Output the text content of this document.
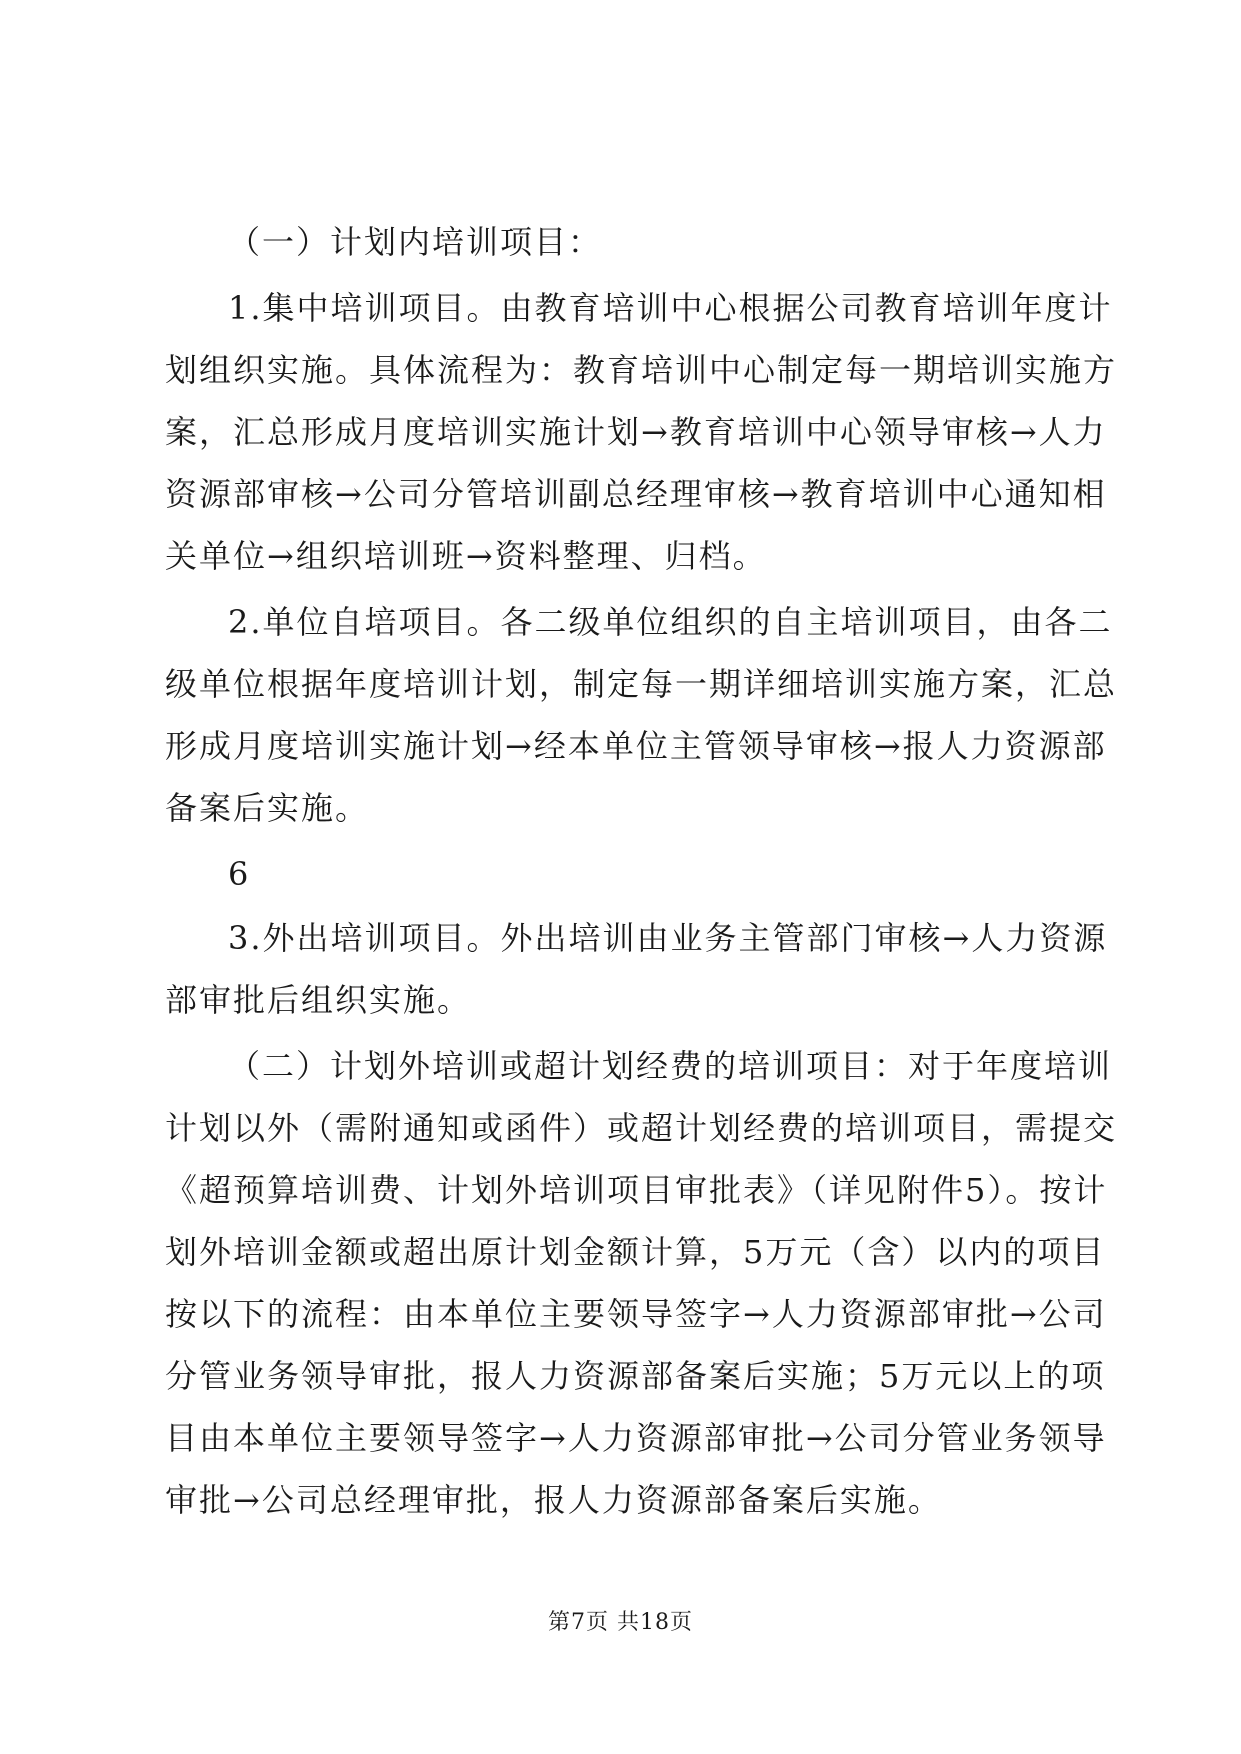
（一）计划内培训项目：
1.集中培训项目。由教育培训中心根据公司教育培训年度计
划组织实施。具体流程为：教育培训中心制定每一期培训实施方
案，汇总形成月度培训实施计划→教育培训中心领导审核→人力
资源部审核→公司分管培训副总经理审核→教育培训中心通知相
关单位→组织培训班→资料整理、归档。
2.单位自培项目。各二级单位组织的自主培训项目，由各二
级单位根据年度培训计划，制定每一期详细培训实施方案，汇总
形成月度培训实施计划→经本单位主管领导审核→报人力资源部
备案后实施。
6
3.外出培训项目。外出培训由业务主管部门审核→人力资源
部审批后组织实施。
（二）计划外培训或超计划经费的培训项目：对于年度培训
计划以外（需附通知或函件）或超计划经费的培训项目，需提交
《超预算培训费、计划外培训项目审批表》（详见附件5）。按计
划外培训金额或超出原计划金额计算，5万元（含）以内的项目
按以下的流程：由本单位主要领导签字→人力资源部审批→公司
分管业务领导审批，报人力资源部备案后实施；5万元以上的项
目由本单位主要领导签字→人力资源部审批→公司分管业务领导
审批→公司总经理审批，报人力资源部备案后实施。
第7页 共18页
